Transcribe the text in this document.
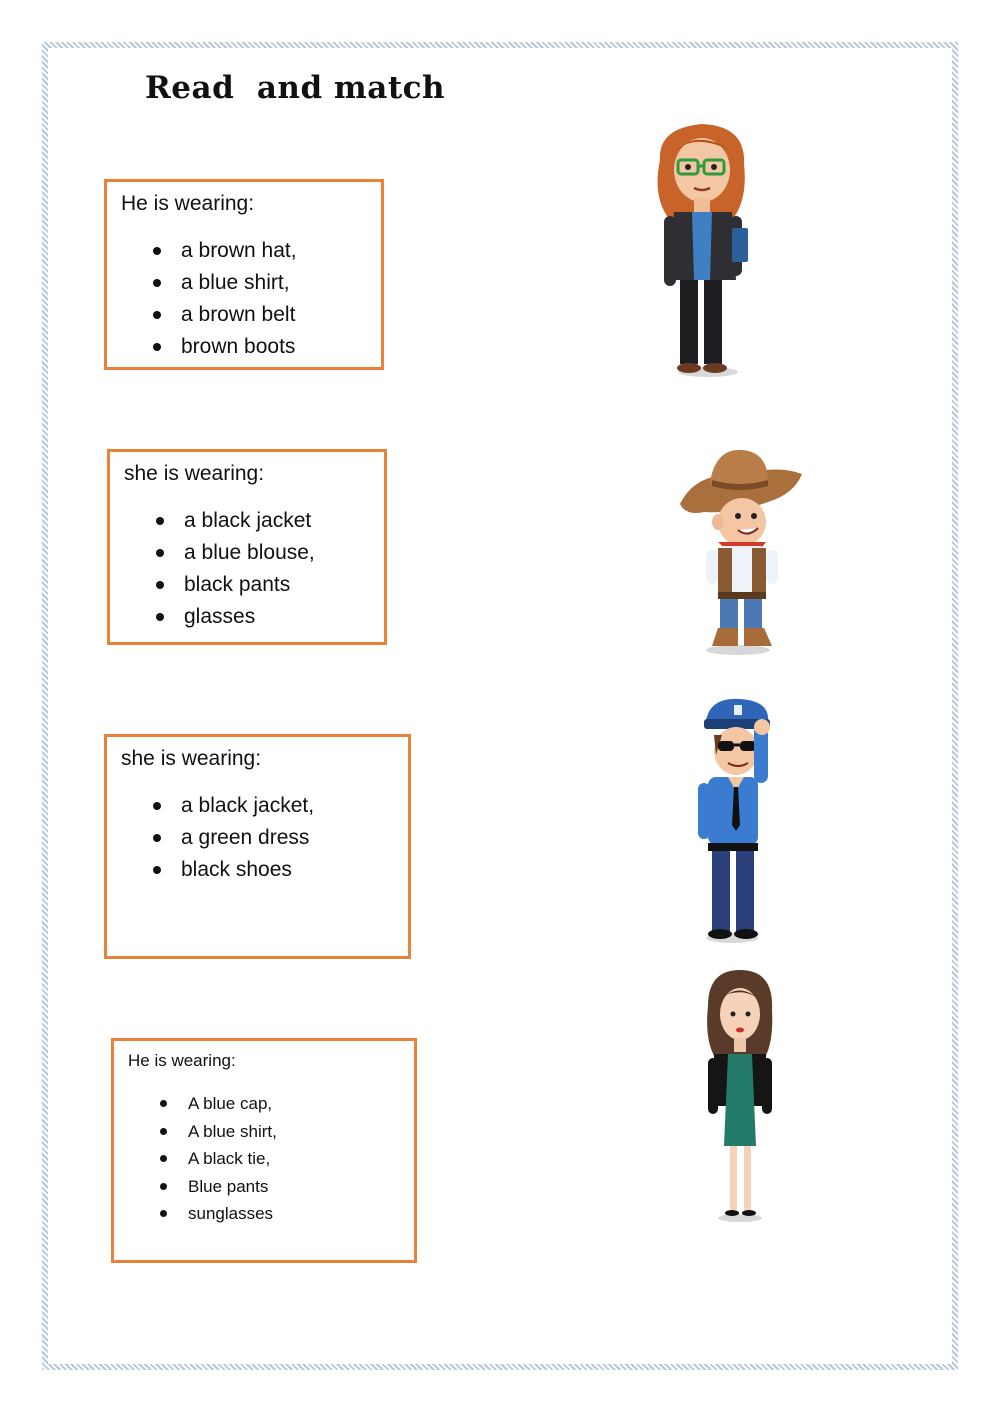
Read  and match
He is wearing:
a brown hat,
a blue shirt,
a brown belt
brown boots
she is wearing:
a black jacket
a blue blouse,
black pants
glasses
she is wearing:
a black jacket,
a green dress
black shoes
He is wearing:
A blue cap,
A blue shirt,
A black tie,
Blue pants
sunglasses
